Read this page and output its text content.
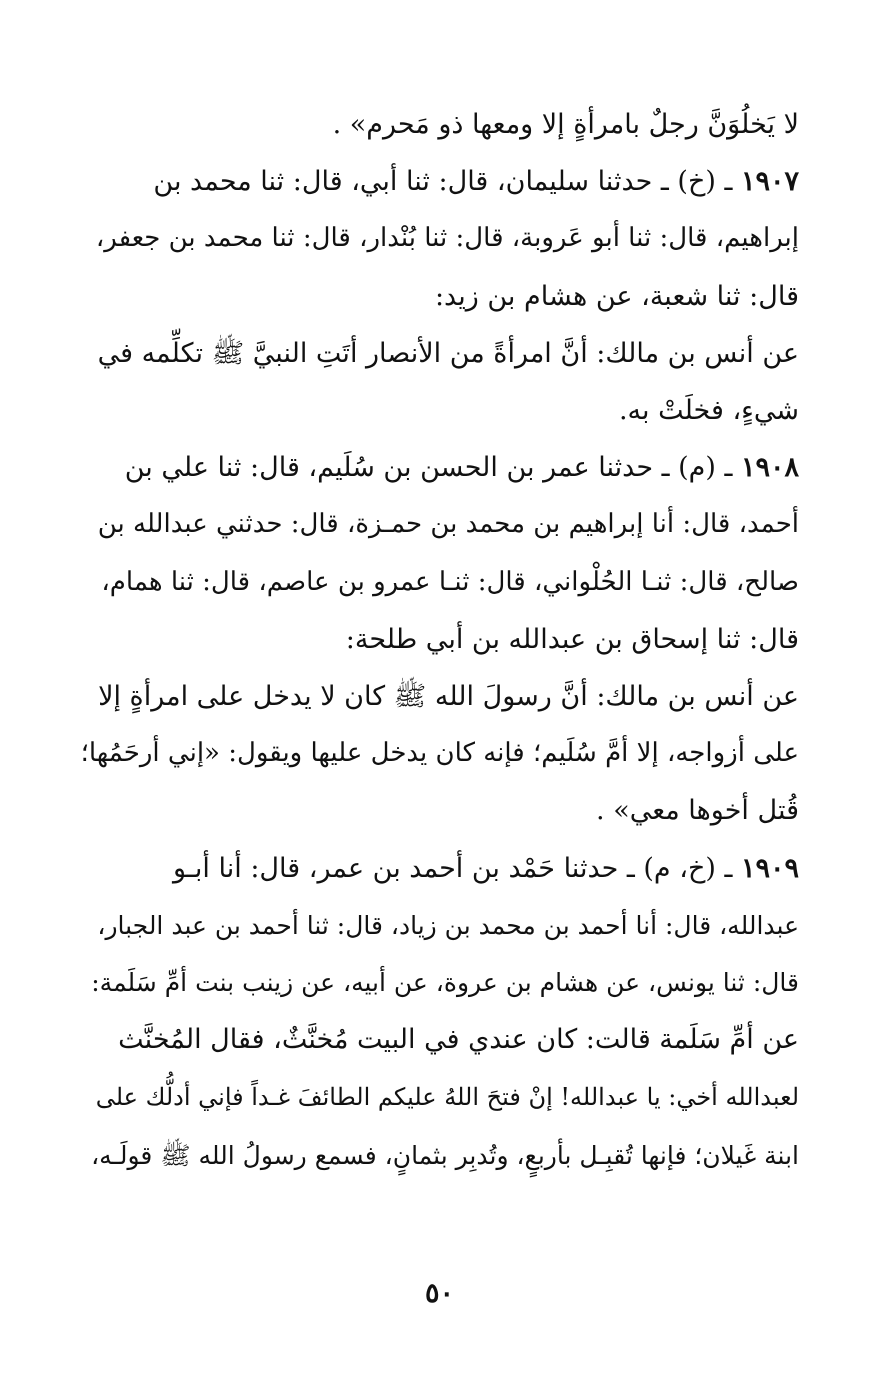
لا يَخلُوَنَّ رجلٌ بامرأةٍ إلا ومعها ذو مَحرم» .
١٩٠٧ ـ (خ) ـ حدثنا سليمان، قال: ثنا أبي، قال: ثنا محمد بن
إبراهيم، قال: ثنا أبو عَروبة، قال: ثنا بُنْدار، قال: ثنا محمد بن جعفر،
قال: ثنا شعبة، عن هشام بن زيد:
عن أنس بن مالك: أنَّ امرأةً من الأنصار أتَتِ النبيَّ ﷺ تكلِّمه في
شيءٍ، فخلَتْ به.
١٩٠٨ ـ (م) ـ حدثنا عمر بن الحسن بن سُلَيم، قال: ثنا علي بن
أحمد، قال: أنا إبراهيم بن محمد بن حمـزة، قال: حدثني عبدالله بن
صالح، قال: ثنـا الحُلْواني، قال: ثنـا عمرو بن عاصم، قال: ثنا همام،
قال: ثنا إسحاق بن عبدالله بن أبي طلحة:
عن أنس بن مالك: أنَّ رسولَ الله ﷺ كان لا يدخل على امرأةٍ إلا
على أزواجه، إلا أمَّ سُلَيم؛ فإنه كان يدخل عليها ويقول: «إني أرحَمُها؛
قُتل أخوها معي» .
١٩٠٩ ـ (خ، م) ـ حدثنا حَمْد بن أحمد بن عمر، قال: أنا أبـو
عبدالله، قال: أنا أحمد بن محمد بن زياد، قال: ثنا أحمد بن عبد الجبار،
قال: ثنا يونس، عن هشام بن عروة، عن أبيه، عن زينب بنت أمِّ سَلَمة:
عن أمِّ سَلَمة قالت: كان عندي في البيت مُخنَّثٌ، فقال المُخنَّث
لعبدالله أخي: يا عبدالله! إنْ فتحَ اللهُ عليكم الطائفَ غـداً فإني أدلُّك على
ابنة غَيلان؛ فإنها تُقبِـل بأربعٍ، وتُدبِر بثمانٍ، فسمع رسولُ الله ﷺ قولَـه،
٥٠
